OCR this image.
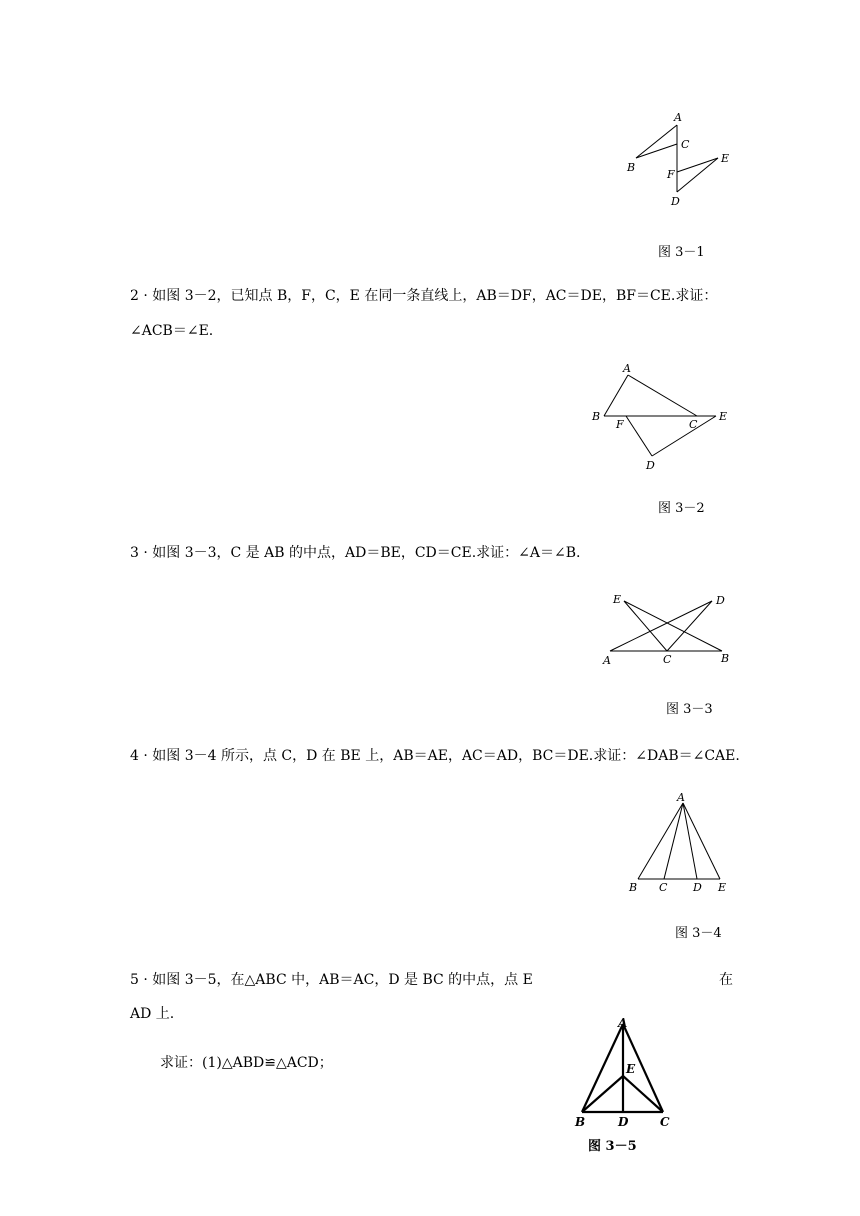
A
B
C
F
E
D
图 3－1
2 · 如图 3－2，已知点 B，F，C，E 在同一条直线上，AB＝DF，AC＝DE，BF＝CE.求证：
∠ACB＝∠E.
A
B
F	C
E
D
图 3－2
3 · 如图 3－3，C 是 AB 的中点，AD＝BE，CD＝CE.求证：∠A＝∠B.
E	D
A	C	B
图 3－3
4 · 如图 3－4 所示，点 C，D 在 BE 上，AB＝AE，AC＝AD，BC＝DE.求证：∠DAB＝∠CAE.
A
B C D E
图 3－4
5 · 如图 3－5，在△ABC 中，AB＝AC，D 是 BC 的中点，点 E	在
AD 上.
求证：(1)△ABD≌△ACD；
A
E
B	D	C
图 3－5
